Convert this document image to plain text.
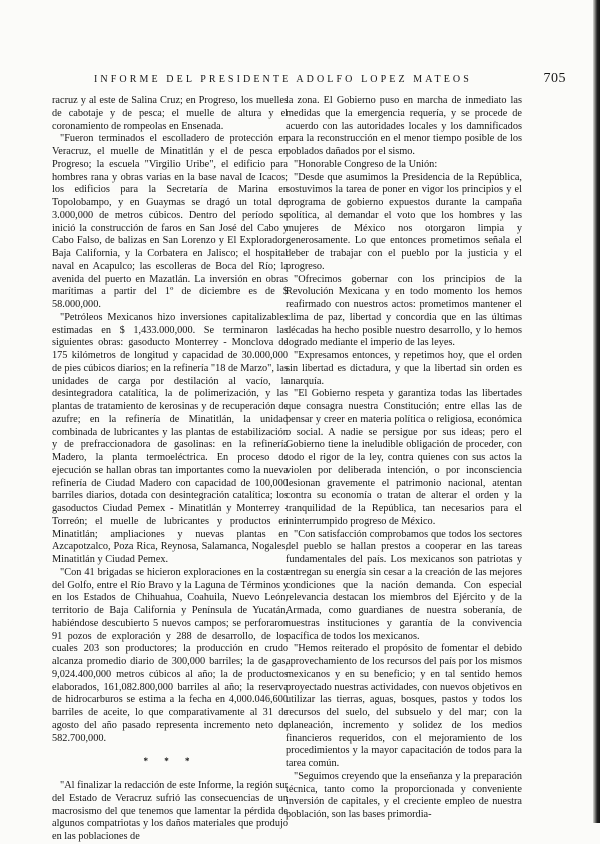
INFORME DEL PRESIDENTE ADOLFO LOPEZ MATEOS	705

racruz y al este de Salina Cruz; en Progreso, los muelles de cabotaje y de pesca; el muelle de altura y el coronamiento de rompeolas en Ensenada.

"Fueron terminados el escolladero de protección en Veracruz, el muelle de Minatitlán y el de pesca en Progreso; la escuela "Virgilio Uribe", el edificio para hombres rana y obras varias en la base naval de Icacos; los edificios para la Secretaría de Marina en Topolobampo, y en Guaymas se dragó un total de 3.000,000 de metros cúbicos. Dentro del período se inició la construcción de faros en San José del Cabo y Cabo Falso, de balizas en San Lorenzo y El Explorador, Baja California, y la Corbatera en Jalisco; el hospital naval en Acapulco; las escolleras de Boca del Río; la avenida del puerto en Mazatlán. La inversión en obras marítimas a partir del 1º de diciembre es de $ 58.000,000.

"Petróleos Mexicanos hizo inversiones capitalizables estimadas en $ 1,433.000,000. Se terminaron las siguientes obras: gasoducto Monterrey - Monclova de 175 kilómetros de longitud y capacidad de 30.000,000 de pies cúbicos diarios; en la refinería "18 de Marzo", las unidades de carga por destilación al vacío, la desintegradora catalítica, la de polimerización, y las plantas de tratamiento de kerosinas y de recuperación de azufre; en la refinería de Minatitlán, la unidad combinada de lubricantes y las plantas de estabilización y de prefraccionadora de gasolinas: en la refinería Madero, la planta termoeléctrica. En proceso de ejecución se hallan obras tan importantes como la nueva refinería de Ciudad Madero con capacidad de 100,000 barriles diarios, dotada con desintegración catalítica; los gasoductos Ciudad Pemex - Minatitlán y Monterrey - Torreón; el muelle de lubricantes y productos en Minatitlán; ampliaciones y nuevas plantas en Azcapotzalco, Poza Rica, Reynosa, Salamanca, Nogales, Minatitlán y Ciudad Pemex.

"Con 41 brigadas se hicieron exploraciones en la costa del Golfo, entre el Río Bravo y la Laguna de Términos y en los Estados de Chihuahua, Coahuila, Nuevo León, territorio de Baja California y Península de Yucatán, habiéndose descubierto 5 nuevos campos; se perforaron 91 pozos de exploración y 288 de desarrollo, de los cuales 203 son productores; la producción en crudo alcanza promedio diario de 300,000 barriles; la de gas, 9,024.400,000 metros cúbicos al año; la de productos elaborados, 161,082.800,000 barriles al año; la reserva de hidrocarburos se estima a la fecha en 4,000.046,600 barriles de aceite, lo que comparativamente al 31 de agosto del año pasado representa incremento neto de 582.700,000.

* * *

"Al finalizar la redacción de este Informe, la región sur del Estado de Veracruz sufrió las consecuencias de un macrosismo del que tenemos que lamentar la pérdida de algunos compatriotas y los daños materiales que produjo en las poblaciones de

la zona. El Gobierno puso en marcha de inmediato las medidas que la emergencia requería, y se procede de acuerdo con las autoridades locales y los damnificados para la reconstrucción en el menor tiempo posible de los poblados dañados por el sismo.

"Honorable Congreso de la Unión:

"Desde que asumimos la Presidencia de la República, sostuvimos la tarea de poner en vigor los principios y el programa de gobierno expuestos durante la campaña política, al demandar el voto que los hombres y las mujeres de México nos otorgaron limpia y generosamente. Lo que entonces prometimos señala el deber de trabajar con el pueblo por la justicia y el progreso.

"Ofrecimos gobernar con los principios de la Revolución Mexicana y en todo momento los hemos reafirmado con nuestros actos: prometimos mantener el clima de paz, libertad y concordia que en las últimas décadas ha hecho posible nuestro desarrollo, y lo hemos logrado mediante el imperio de las leyes.

"Expresamos entonces, y repetimos hoy, que el orden sin libertad es dictadura, y que la libertad sin orden es anarquía.

"El Gobierno respeta y garantiza todas las libertades que consagra nuestra Constitución; entre ellas las de pensar y creer en materia política o religiosa, económica o social. A nadie se persigue por sus ideas; pero el Gobierno tiene la ineludible obligación de proceder, con todo el rigor de la ley, contra quienes con sus actos la violen por deliberada intención, o por inconsciencia lesionan gravemente el patrimonio nacional, atentan contra su economía o tratan de alterar el orden y la tranquilidad de la República, tan necesarios para el ininterrumpido progreso de México.

"Con satisfacción comprobamos que todos los sectores del pueblo se hallan prestos a cooperar en las tareas fundamentales del país. Los mexicanos son patriotas y entregan su energía sin cesar a la creación de las mejores condiciones que la nación demanda. Con especial relevancia destacan los miembros del Ejército y de la Armada, como guardianes de nuestra soberanía, de nuestras instituciones y garantía de la convivencia pacífica de todos los mexicanos.

"Hemos reiterado el propósito de fomentar el debido aprovechamiento de los recursos del país por los mismos mexicanos y en su beneficio; y en tal sentido hemos proyectado nuestras actividades, con nuevos objetivos en utilizar las tierras, aguas, bosques, pastos y todos los recursos del suelo, del subsuelo y del mar; con la planeación, incremento y solidez de los medios financieros requeridos, con el mejoramiento de los procedimientos y la mayor capacitación de todos para la tarea común.

"Seguimos creyendo que la enseñanza y la preparación técnica, tanto como la proporcionada y conveniente inversión de capitales, y el creciente empleo de nuestra población, son las bases primordia-
